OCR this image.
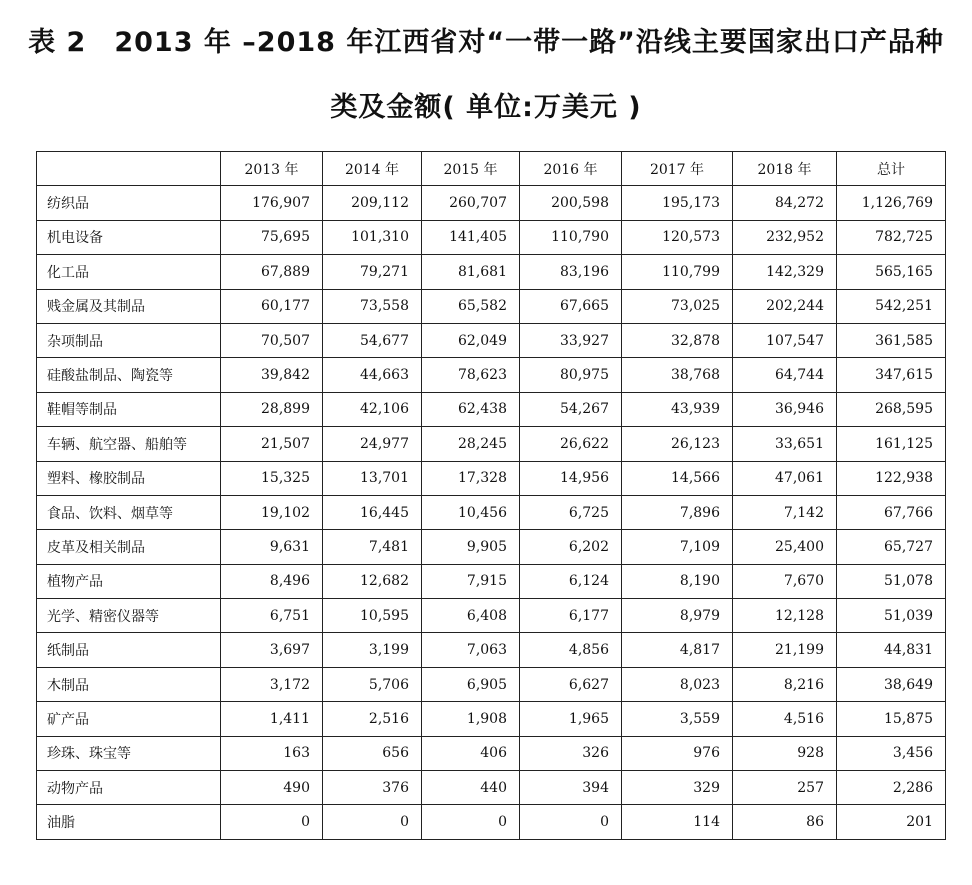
表 2　2013 年 –2018 年江西省对“一带一路”沿线主要国家出口产品种
类及金额( 单位:万美元 )
	2013 年	2014 年	2015 年	2016 年	2017 年	2018 年	总计
纺织品	176,907	209,112	260,707	200,598	195,173	84,272	1,126,769
机电设备	75,695	101,310	141,405	110,790	120,573	232,952	782,725
化工品	67,889	79,271	81,681	83,196	110,799	142,329	565,165
贱金属及其制品	60,177	73,558	65,582	67,665	73,025	202,244	542,251
杂项制品	70,507	54,677	62,049	33,927	32,878	107,547	361,585
硅酸盐制品、陶瓷等	39,842	44,663	78,623	80,975	38,768	64,744	347,615
鞋帽等制品	28,899	42,106	62,438	54,267	43,939	36,946	268,595
车辆、航空器、船舶等	21,507	24,977	28,245	26,622	26,123	33,651	161,125
塑料、橡胶制品	15,325	13,701	17,328	14,956	14,566	47,061	122,938
食品、饮料、烟草等	19,102	16,445	10,456	6,725	7,896	7,142	67,766
皮革及相关制品	9,631	7,481	9,905	6,202	7,109	25,400	65,727
植物产品	8,496	12,682	7,915	6,124	8,190	7,670	51,078
光学、精密仪器等	6,751	10,595	6,408	6,177	8,979	12,128	51,039
纸制品	3,697	3,199	7,063	4,856	4,817	21,199	44,831
木制品	3,172	5,706	6,905	6,627	8,023	8,216	38,649
矿产品	1,411	2,516	1,908	1,965	3,559	4,516	15,875
珍珠、珠宝等	163	656	406	326	976	928	3,456
动物产品	490	376	440	394	329	257	2,286
油脂	0	0	0	0	114	86	201
